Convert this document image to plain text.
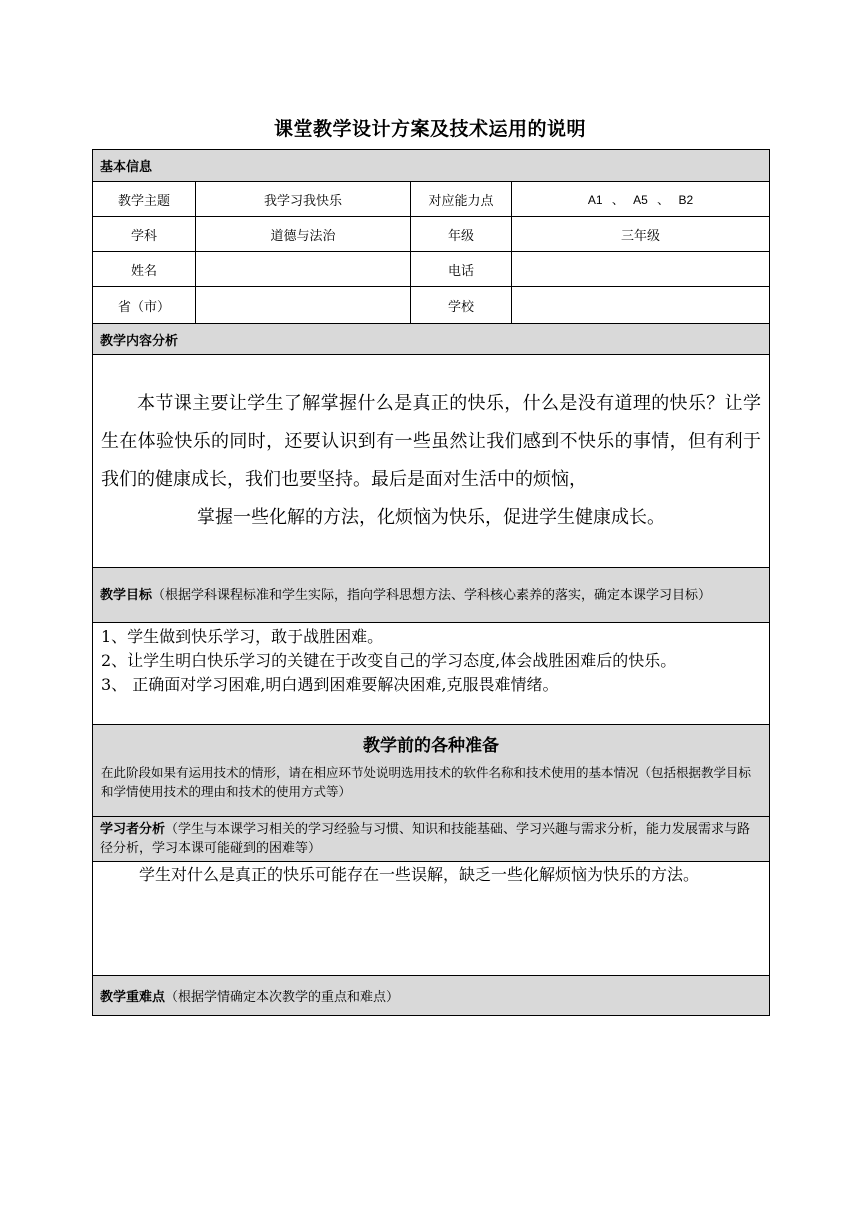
课堂教学设计方案及技术运用的说明
基本信息			
教学主题	我学习我快乐	对应能力点	A1 、 A5 、 B2
学科	道德与法治	年级	三年级
姓名		电话	
省（市）		学校	
教学内容分析			

本节课主要让学生了解掌握什么是真正的快乐，什么是没有道理的快乐？让学生在体验快乐的同时，还要认识到有一些虽然让我们感到不快乐的事情，但有利于我们的健康成长，我们也要坚持。最后是面对生活中的烦恼，

掌握一些化解的方法，化烦恼为快乐，促进学生健康成长。			

教学目标（根据学科课程标准和学生实际，指向学科思想方法、学科核心素养的落实，确定本课学习目标）			

1、学生做到快乐学习，敢于战胜困难。

2、让学生明白快乐学习的关键在于改变自己的学习态度,体会战胜困难后的快乐。

3、 正确面对学习困难,明白遇到困难要解决困难,克服畏难情绪。			

教学前的各种准备
在此阶段如果有运用技术的情形，请在相应环节处说明选用技术的软件名称和技术使用的基本情况（包括根据教学目标和学情使用技术的理由和技术的使用方式等）			

学习者分析（学生与本课学习相关的学习经验与习惯、知识和技能基础、学习兴趣与需求分析，能力发展需求与路径分析，学习本课可能碰到的困难等）			

学生对什么是真正的快乐可能存在一些误解，缺乏一些化解烦恼为快乐的方法。			

教学重难点（根据学情确定本次教学的重点和难点）			
